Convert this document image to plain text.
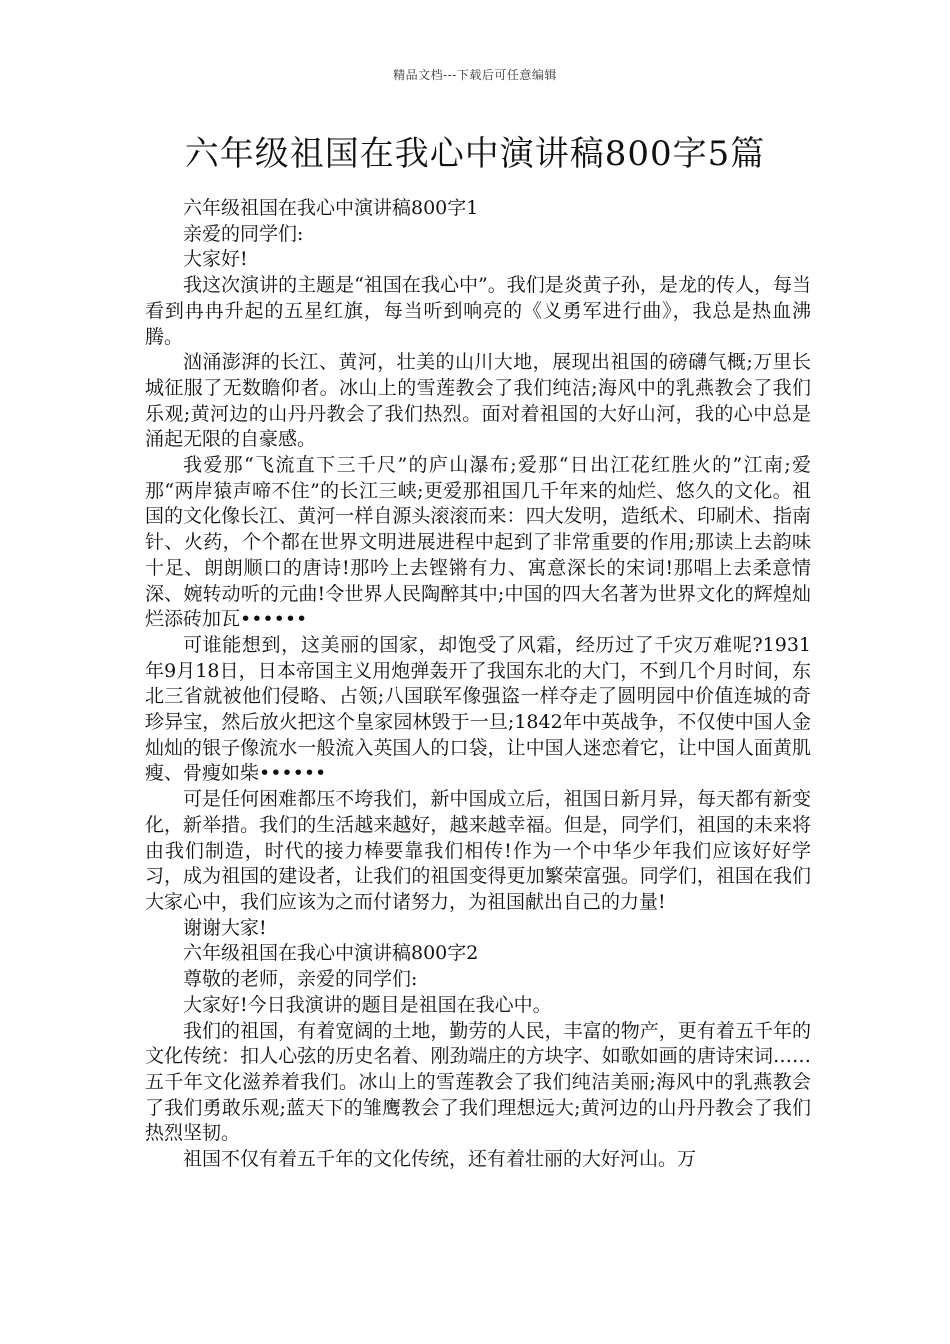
精品文档---下载后可任意编辑
六年级祖国在我心中演讲稿800字5篇

六年级祖国在我心中演讲稿800字1

亲爱的同学们:

大家好!

我这次演讲的主题是“祖国在我心中”。我们是炎黄子孙，是龙的传人，每当看到冉冉升起的五星红旗，每当听到响亮的《义勇军进行曲》，我总是热血沸腾。

汹涌澎湃的长江、黄河，壮美的山川大地，展现出祖国的磅礴气概;万里长城征服了无数瞻仰者。冰山上的雪莲教会了我们纯洁;海风中的乳燕教会了我们乐观;黄河边的山丹丹教会了我们热烈。面对着祖国的大好山河，我的心中总是涌起无限的自豪感。

我爱那“飞流直下三千尺”的庐山瀑布;爱那“日出江花红胜火的”江南;爱那“两岸猿声啼不住”的长江三峡;更爱那祖国几千年来的灿烂、悠久的文化。祖国的文化像长江、黄河一样自源头滚滚而来：四大发明，造纸术、印刷术、指南针、火药，个个都在世界文明进展进程中起到了非常重要的作用;那读上去韵味十足、朗朗顺口的唐诗!那吟上去铿锵有力、寓意深长的宋词!那唱上去柔意情深、婉转动听的元曲!令世界人民陶醉其中;中国的四大名著为世界文化的辉煌灿烂添砖加瓦••••••

可谁能想到，这美丽的国家，却饱受了风霜，经历过了千灾万难呢?1931年9月18日，日本帝国主义用炮弹轰开了我国东北的大门，不到几个月时间，东北三省就被他们侵略、占领;八国联军像强盗一样夺走了圆明园中价值连城的奇珍异宝，然后放火把这个皇家园林毁于一旦;1842年中英战争，不仅使中国人金灿灿的银子像流水一般流入英国人的口袋，让中国人迷恋着它，让中国人面黄肌瘦、骨瘦如柴••••••

可是任何困难都压不垮我们，新中国成立后，祖国日新月异，每天都有新变化，新举措。我们的生活越来越好，越来越幸福。但是，同学们，祖国的未来将由我们制造，时代的接力棒要靠我们相传!作为一个中华少年我们应该好好学习，成为祖国的建设者，让我们的祖国变得更加繁荣富强。同学们，祖国在我们大家心中，我们应该为之而付诸努力，为祖国献出自己的力量!

谢谢大家!

六年级祖国在我心中演讲稿800字2

尊敬的老师，亲爱的同学们:

大家好!今日我演讲的题目是祖国在我心中。

我们的祖国，有着宽阔的土地，勤劳的人民，丰富的物产，更有着五千年的文化传统：扣人心弦的历史名着、刚劲端庄的方块字、如歌如画的唐诗宋词……五千年文化滋养着我们。冰山上的雪莲教会了我们纯洁美丽;海风中的乳燕教会了我们勇敢乐观;蓝天下的雏鹰教会了我们理想远大;黄河边的山丹丹教会了我们热烈坚韧。

祖国不仅有着五千年的文化传统，还有着壮丽的大好河山。万
